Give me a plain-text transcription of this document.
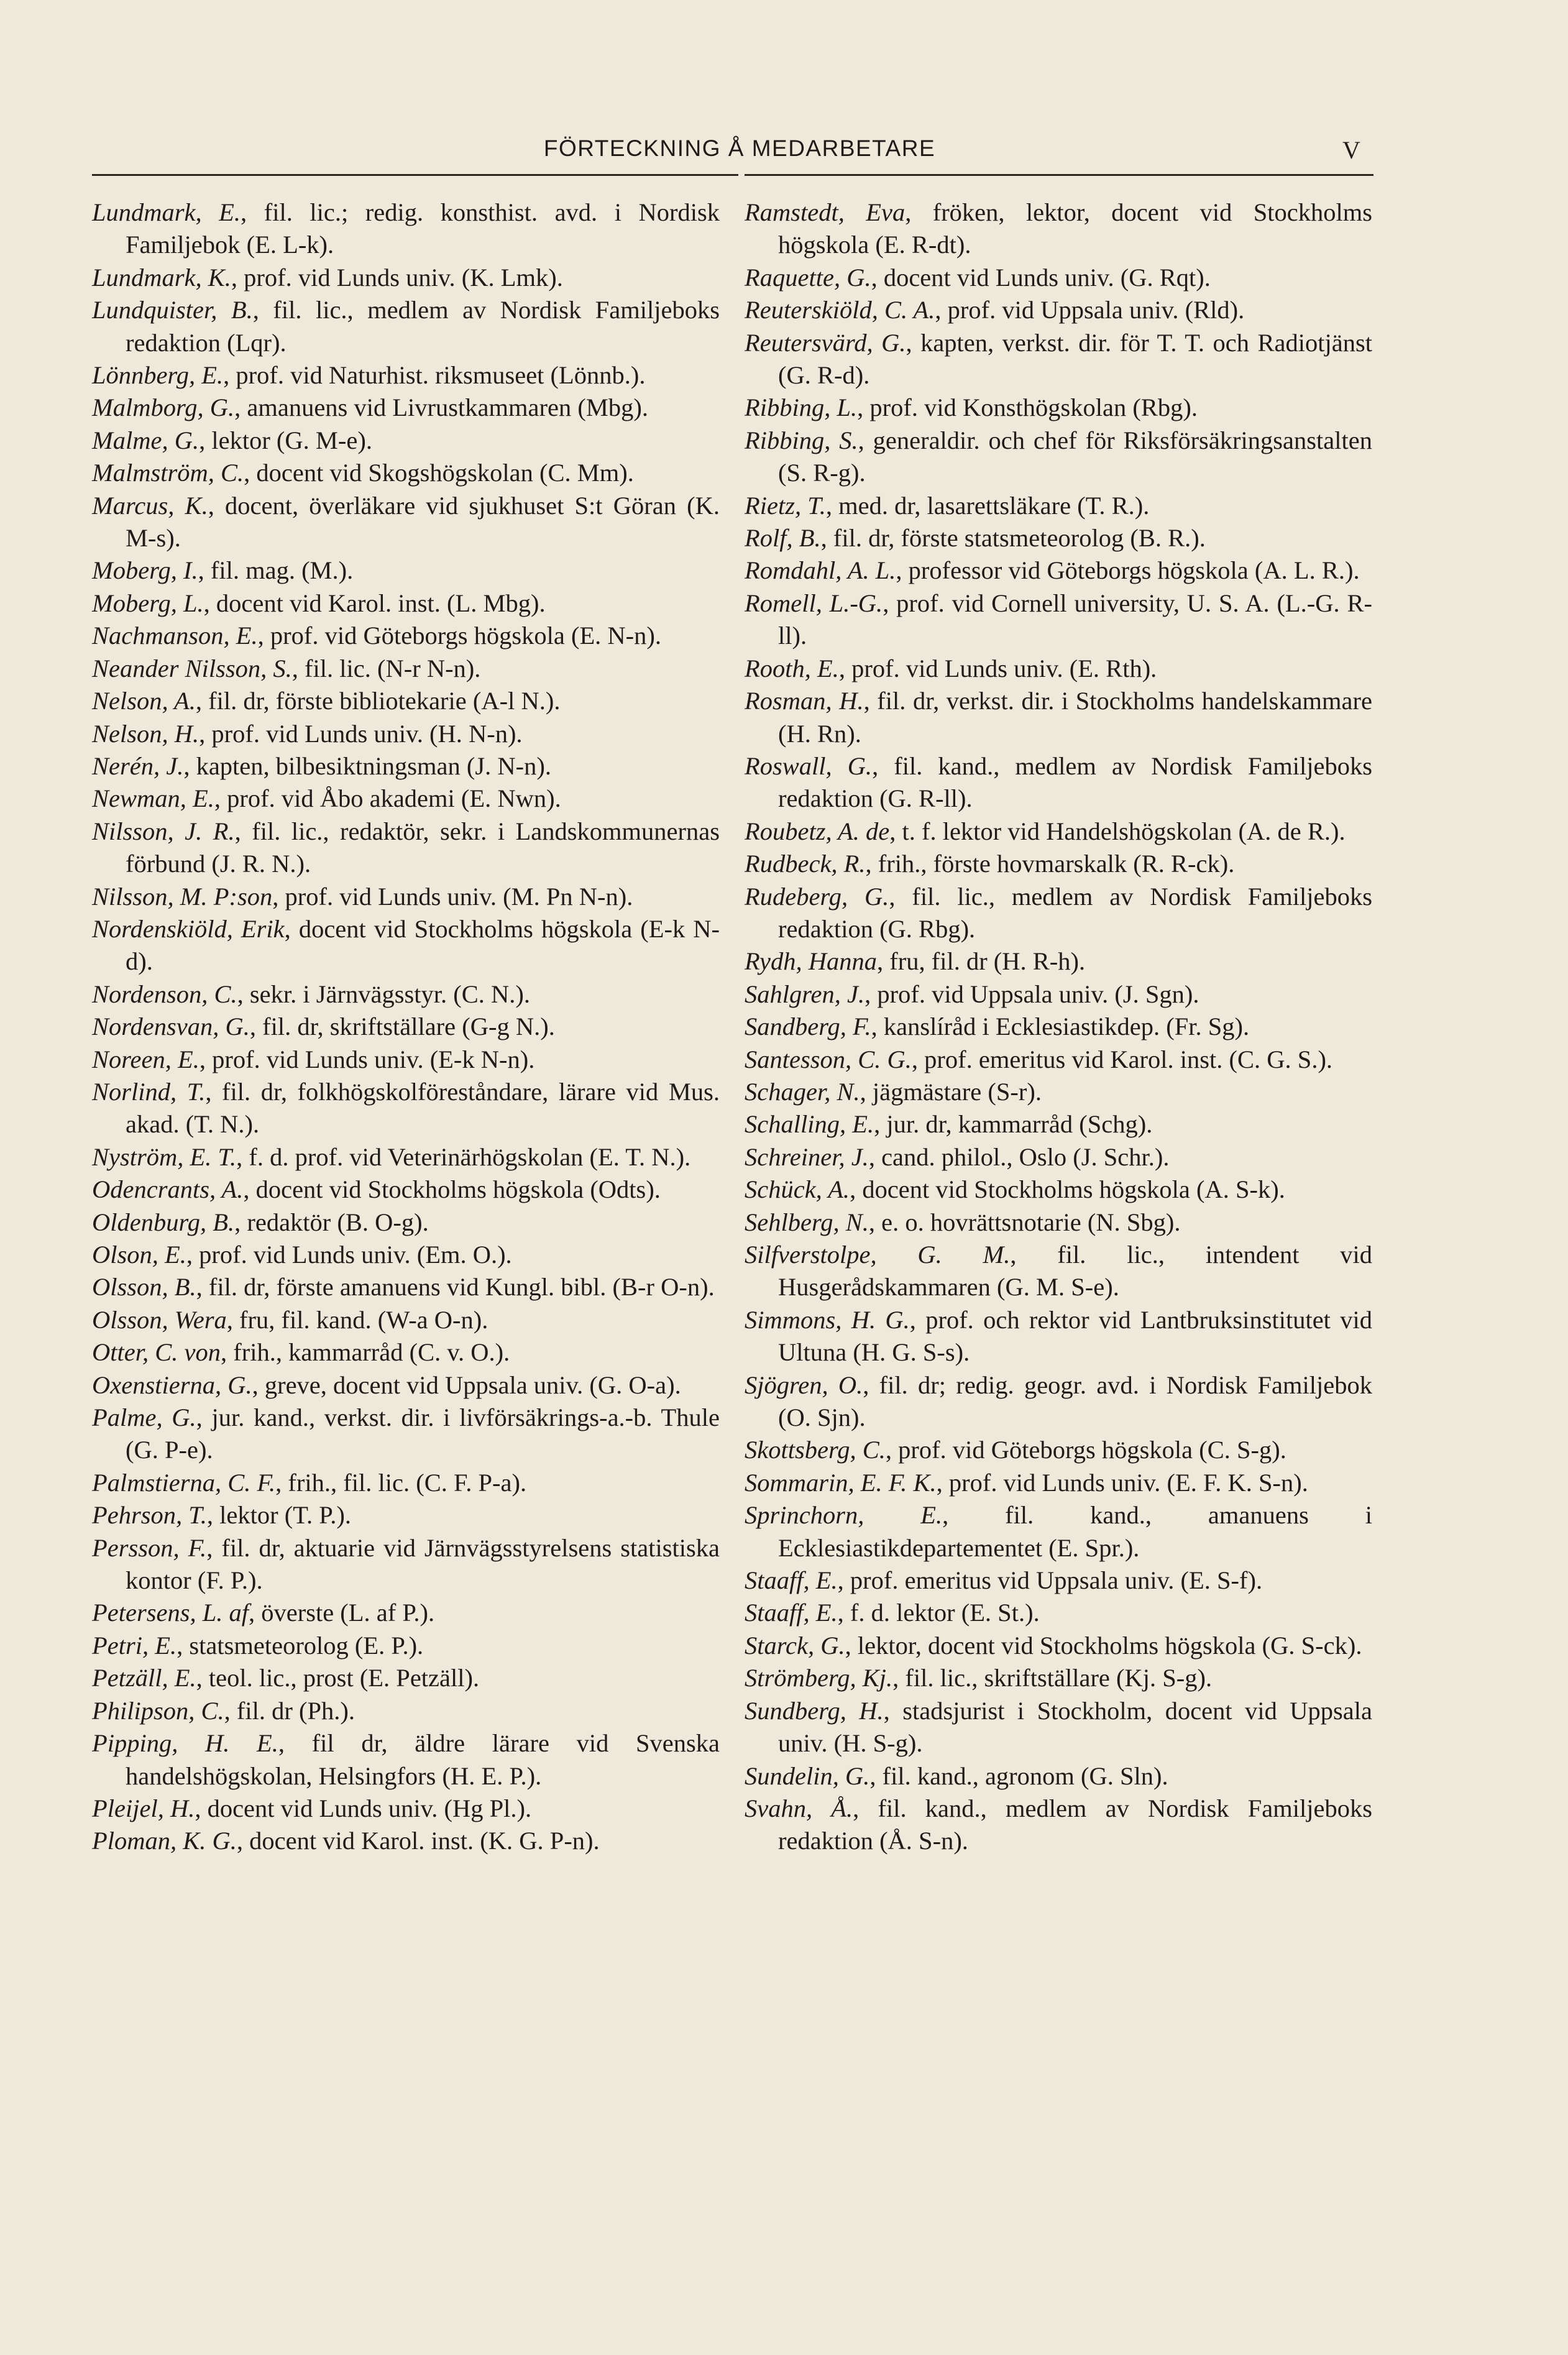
FÖRTECKNING Å MEDARBETARE	V
Lundmark, E., fil. lic.; redig. konsthist. avd. i Nordisk Familjebok (E. L-k).
Lundmark, K., prof. vid Lunds univ. (K. Lmk).
Lundquister, B., fil. lic., medlem av Nordisk Familjeboks redaktion (Lqr).
Lönnberg, E., prof. vid Naturhist. riksmuseet (Lönnb.).
Malmborg, G., amanuens vid Livrustkammaren (Mbg).
Malme, G., lektor (G. M-e).
Malmström, C., docent vid Skogshögskolan (C. Mm).
Marcus, K., docent, överläkare vid sjukhuset S:t Göran (K. M-s).
Moberg, I., fil. mag. (M.).
Moberg, L., docent vid Karol. inst. (L. Mbg).
Nachmanson, E., prof. vid Göteborgs högskola (E. N-n).
Neander Nilsson, S., fil. lic. (N-r N-n).
Nelson, A., fil. dr, förste bibliotekarie (A-l N.).
Nelson, H., prof. vid Lunds univ. (H. N-n).
Nerén, J., kapten, bilbesiktningsman (J. N-n).
Newman, E., prof. vid Åbo akademi (E. Nwn).
Nilsson, J. R., fil. lic., redaktör, sekr. i Landskommunernas förbund (J. R. N.).
Nilsson, M. P:son, prof. vid Lunds univ. (M. Pn N-n).
Nordenskiöld, Erik, docent vid Stockholms högskola (E-k N-d).
Nordenson, C., sekr. i Järnvägsstyr. (C. N.).
Nordensvan, G., fil. dr, skriftställare (G-g N.).
Noreen, E., prof. vid Lunds univ. (E-k N-n).
Norlind, T., fil. dr, folkhögskolföreståndare, lärare vid Mus. akad. (T. N.).
Nyström, E. T., f. d. prof. vid Veterinärhögskolan (E. T. N.).
Odencrants, A., docent vid Stockholms högskola (Odts).
Oldenburg, B., redaktör (B. O-g).
Olson, E., prof. vid Lunds univ. (Em. O.).
Olsson, B., fil. dr, förste amanuens vid Kungl. bibl. (B-r O-n).
Olsson, Wera, fru, fil. kand. (W-a O-n).
Otter, C. von, frih., kammarråd (C. v. O.).
Oxenstierna, G., greve, docent vid Uppsala univ. (G. O-a).
Palme, G., jur. kand., verkst. dir. i livförsäkrings-a.-b. Thule (G. P-e).
Palmstierna, C. F., frih., fil. lic. (C. F. P-a).
Pehrson, T., lektor (T. P.).
Persson, F., fil. dr, aktuarie vid Järnvägsstyrelsens statistiska kontor (F. P.).
Petersens, L. af, överste (L. af P.).
Petri, E., statsmeteorolog (E. P.).
Petzäll, E., teol. lic., prost (E. Petzäll).
Philipson, C., fil. dr (Ph.).
Pipping, H. E., fil dr, äldre lärare vid Svenska handelshögskolan, Helsingfors (H. E. P.).
Pleijel, H., docent vid Lunds univ. (Hg Pl.).
Ploman, K. G., docent vid Karol. inst. (K. G. P-n).
Ramstedt, Eva, fröken, lektor, docent vid Stockholms högskola (E. R-dt).
Raquette, G., docent vid Lunds univ. (G. Rqt).
Reuterskiöld, C. A., prof. vid Uppsala univ. (Rld).
Reutersvärd, G., kapten, verkst. dir. för T. T. och Radiotjänst (G. R-d).
Ribbing, L., prof. vid Konsthögskolan (Rbg).
Ribbing, S., generaldir. och chef för Riksförsäkringsanstalten (S. R-g).
Rietz, T., med. dr, lasarettsläkare (T. R.).
Rolf, B., fil. dr, förste statsmeteorolog (B. R.).
Romdahl, A. L., professor vid Göteborgs högskola (A. L. R.).
Romell, L.-G., prof. vid Cornell university, U. S. A. (L.-G. R-ll).
Rooth, E., prof. vid Lunds univ. (E. Rth).
Rosman, H., fil. dr, verkst. dir. i Stockholms handelskammare (H. Rn).
Roswall, G., fil. kand., medlem av Nordisk Familjeboks redaktion (G. R-ll).
Roubetz, A. de, t. f. lektor vid Handelshögskolan (A. de R.).
Rudbeck, R., frih., förste hovmarskalk (R. R-ck).
Rudeberg, G., fil. lic., medlem av Nordisk Familjeboks redaktion (G. Rbg).
Rydh, Hanna, fru, fil. dr (H. R-h).
Sahlgren, J., prof. vid Uppsala univ. (J. Sgn).
Sandberg, F., kanslíråd i Ecklesiastikdep. (Fr. Sg).
Santesson, C. G., prof. emeritus vid Karol. inst. (C. G. S.).
Schager, N., jägmästare (S-r).
Schalling, E., jur. dr, kammarråd (Schg).
Schreiner, J., cand. philol., Oslo (J. Schr.).
Schück, A., docent vid Stockholms högskola (A. S-k).
Sehlberg, N., e. o. hovrättsnotarie (N. Sbg).
Silfverstolpe, G. M., fil. lic., intendent vid Husgerådskammaren (G. M. S-e).
Simmons, H. G., prof. och rektor vid Lantbruksinstitutet vid Ultuna (H. G. S-s).
Sjögren, O., fil. dr; redig. geogr. avd. i Nordisk Familjebok (O. Sjn).
Skottsberg, C., prof. vid Göteborgs högskola (C. S-g).
Sommarin, E. F. K., prof. vid Lunds univ. (E. F. K. S-n).
Sprinchorn, E., fil. kand., amanuens i Ecklesiastikdepartementet (E. Spr.).
Staaff, E., prof. emeritus vid Uppsala univ. (E. S-f).
Staaff, E., f. d. lektor (E. St.).
Starck, G., lektor, docent vid Stockholms högskola (G. S-ck).
Strömberg, Kj., fil. lic., skriftställare (Kj. S-g).
Sundberg, H., stadsjurist i Stockholm, docent vid Uppsala univ. (H. S-g).
Sundelin, G., fil. kand., agronom (G. Sln).
Svahn, Å., fil. kand., medlem av Nordisk Familjeboks redaktion (Å. S-n).
